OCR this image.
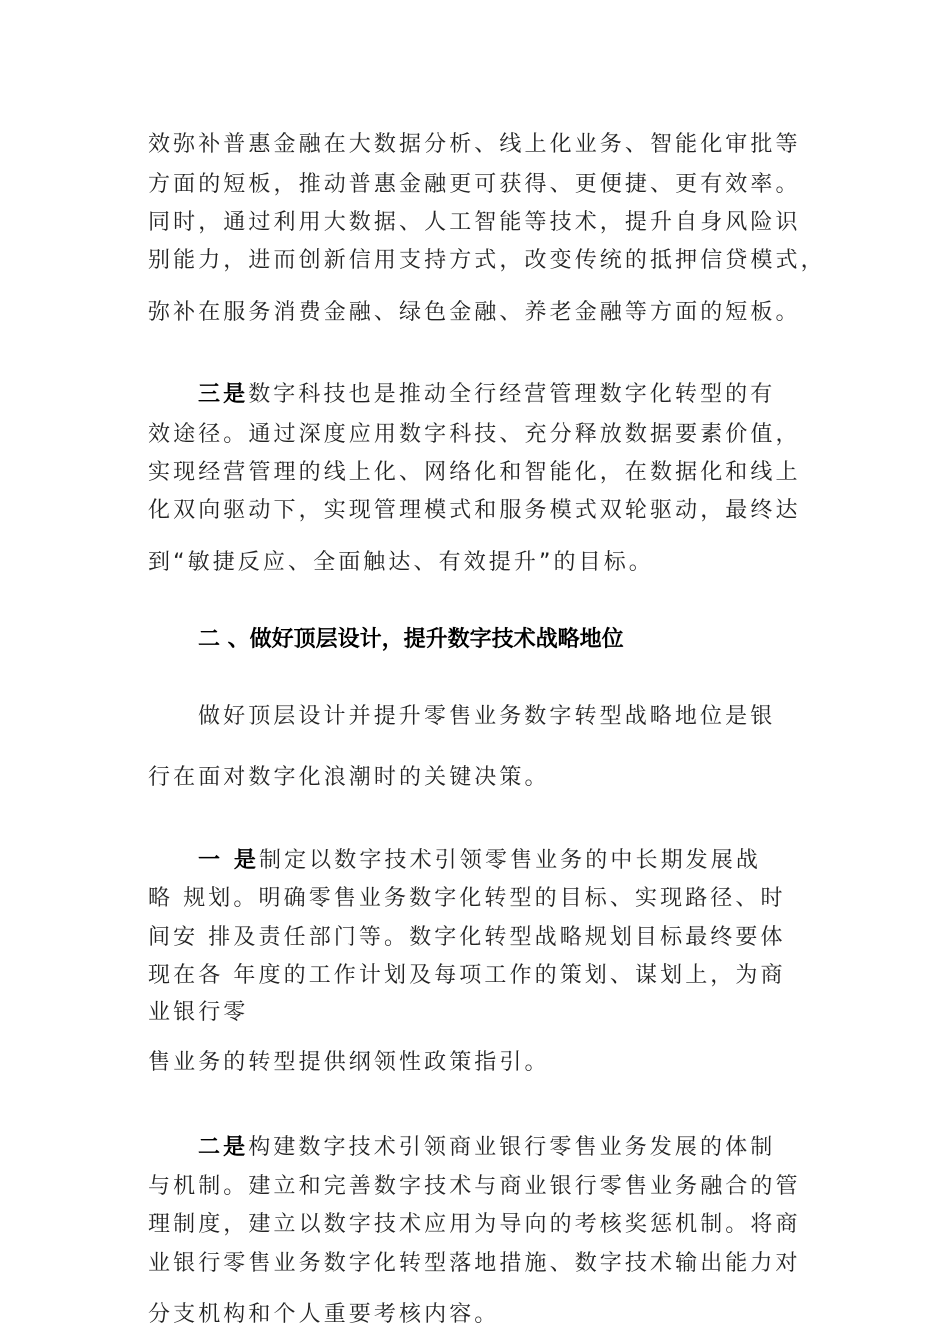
效弥补普惠金融在大数据分析、线上化业务、智能化审批等
方面的短板，推动普惠金融更可获得、更便捷、更有效率。
同时，通过利用大数据、人工智能等技术，提升自身风险识
别能力，进而创新信用支持方式，改变传统的抵押信贷模式，
弥补在服务消费金融、绿色金融、养老金融等方面的短板。
三是数字科技也是推动全行经营管理数字化转型的有
效途径。通过深度应用数字科技、充分释放数据要素价值，
实现经营管理的线上化、网络化和智能化，在数据化和线上
化双向驱动下，实现管理模式和服务模式双轮驱动，最终达
到“敏捷反应、全面触达、有效提升”的目标。
二 、做好顶层设计，提升数字技术战略地位
做好顶层设计并提升零售业务数字转型战略地位是银
行在面对数字化浪潮时的关键决策。
一 是制定以数字技术引领零售业务的中长期发展战
略 规划。明确零售业务数字化转型的目标、实现路径、时
间安 排及责任部门等。数字化转型战略规划目标最终要体
现在各 年度的工作计划及每项工作的策划、谋划上，为商
业银行零
售业务的转型提供纲领性政策指引。
二是构建数字技术引领商业银行零售业务发展的体制
与机制。建立和完善数字技术与商业银行零售业务融合的管
理制度，建立以数字技术应用为导向的考核奖惩机制。将商
业银行零售业务数字化转型落地措施、数字技术输出能力对
分支机构和个人重要考核内容。
